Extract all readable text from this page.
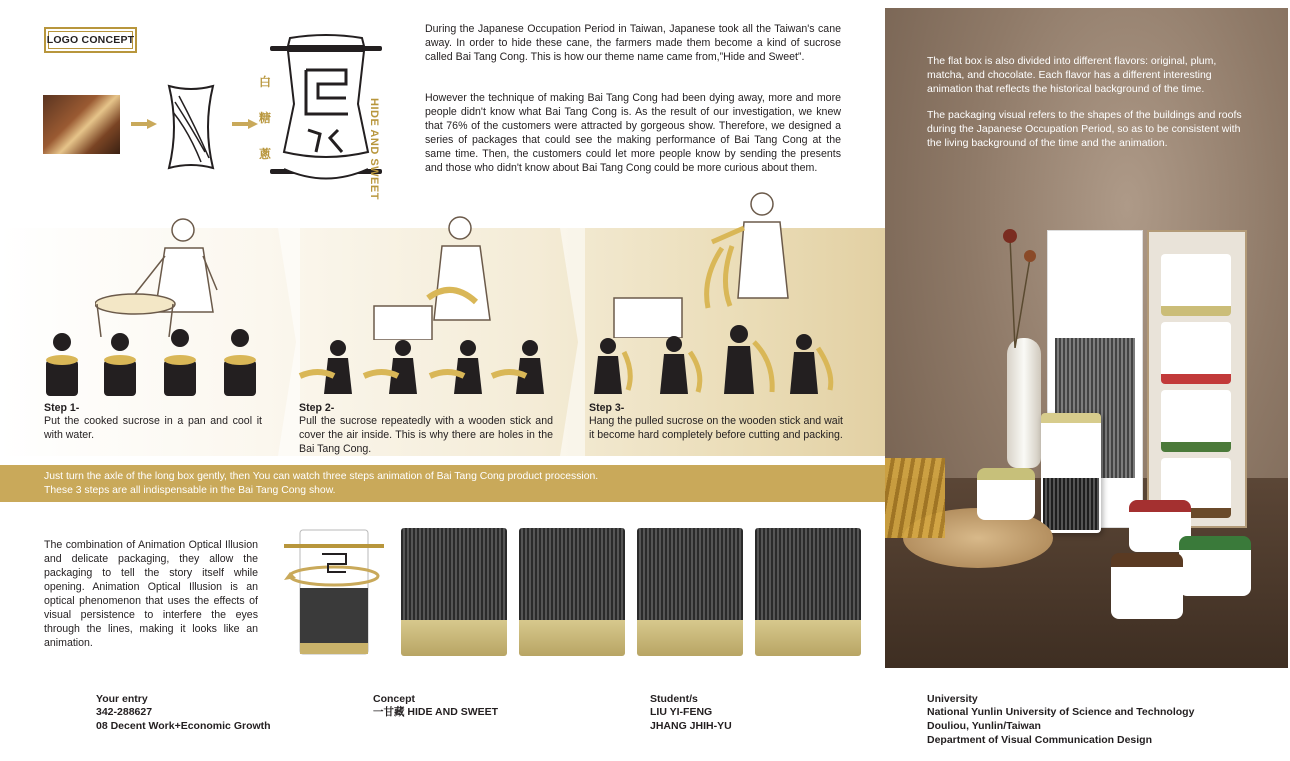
LOGO CONCEPT
白
糖
蔥	HIDE AND SWEET
During the Japanese Occupation Period in Taiwan, Japanese took all the Taiwan's cane away. In order to hide these cane, the farmers made them become a kind of sucrose called Bai Tang Cong. This is how our theme name came from,”Hide and Sweet”.
However the technique of making Bai Tang Cong had been dying away, more and more people didn't know what Bai Tang Cong is. As the result of our investigation, we knew that 76% of the customers were attracted by gorgeous show. Therefore, we designed a series of packages that could see the making performance of Bai Tang Cong at the same time. Then, the customers could let more people know by sending the presents and those who didn't know about Bai Tang Cong could be more curious about them.
Step 1-
Put the cooked sucrose in a pan and cool it with water.
Step 2-
Pull the sucrose repeatedly with a wooden stick and cover the air inside. This is why there are holes in the Bai Tang Cong.
Step 3-
Hang the pulled sucrose on the wooden stick and wait it become hard completely before cutting and packing.
Just turn the axle of the long box gently, then You can watch three steps animation of Bai Tang Cong product procession.
These 3 steps are all indispensable in the Bai Tang Cong show.
The combination of Animation Optical Illusion and delicate packaging, they allow the packaging to tell the story itself while opening. Animation Optical Illusion is an optical phenomenon that uses the effects of visual persistence to interfere the eyes through the lines, making it looks like an animation.
The flat box is also divided into different flavors: original, plum, matcha, and chocolate. Each flavor has a different interesting animation that reflects the historical background of the time.
The packaging visual refers to the shapes of the buildings and roofs during the Japanese Occupation Period, so as to be consistent with the living background of the time and the animation.
Your entry
342-288627
08 Decent Work+Economic Growth
Concept
一甘藏 HIDE AND SWEET
Student/s
LIU YI-FENG
JHANG JHIH-YU
University
National Yunlin University of Science and Technology
Douliou, Yunlin/Taiwan
Department of Visual Communication Design
